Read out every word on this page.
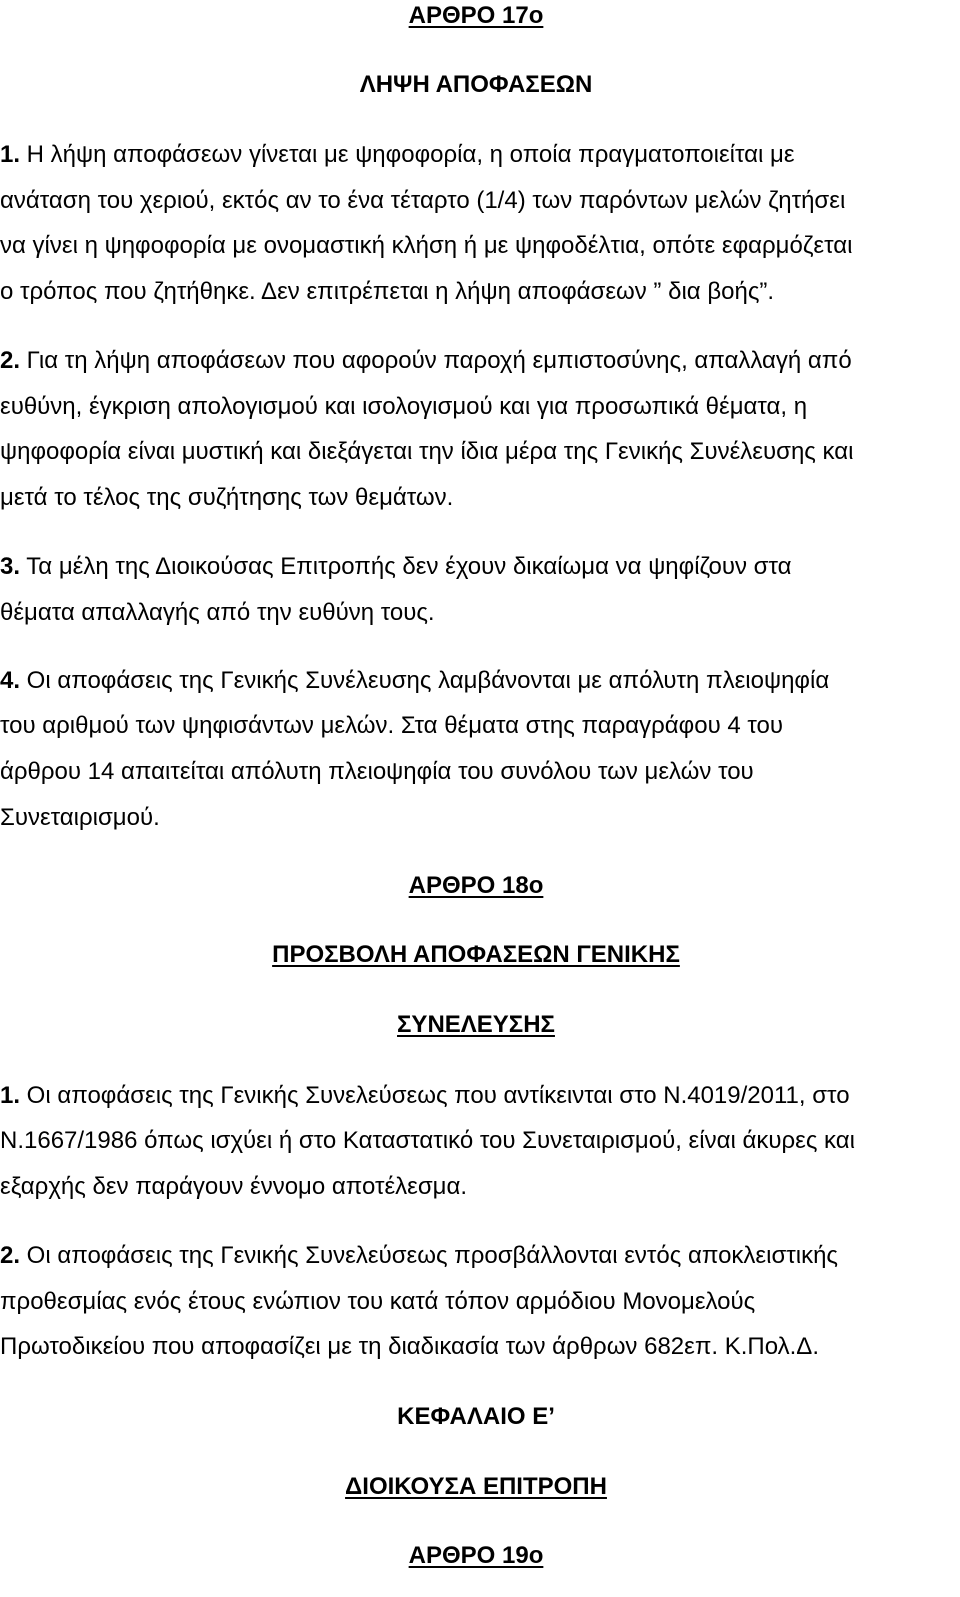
ΑΡΘΡΟ 17ο
ΛΗΨΗ ΑΠΟΦΑΣΕΩΝ
1. Η λήψη αποφάσεων γίνεται με ψηφοφορία, η οποία πραγματοποιείται με
ανάταση του χεριού, εκτός αν το ένα τέταρτο (1/4) των παρόντων μελών ζητήσει
να γίνει η ψηφοφορία με ονομαστική κλήση ή με ψηφοδέλτια, οπότε εφαρμόζεται
ο τρόπος που ζητήθηκε. Δεν επιτρέπεται η λήψη αποφάσεων ” δια βοής”.
2. Για τη λήψη αποφάσεων που αφορούν παροχή εμπιστοσύνης, απαλλαγή από
ευθύνη, έγκριση απολογισμού και ισολογισμού και για προσωπικά θέματα, η
ψηφοφορία είναι μυστική και διεξάγεται την ίδια μέρα της Γενικής Συνέλευσης και
μετά το τέλος της συζήτησης των θεμάτων.
3. Τα μέλη της Διοικούσας Επιτροπής δεν έχουν δικαίωμα να ψηφίζουν στα
θέματα απαλλαγής από την ευθύνη τους.
4. Οι αποφάσεις της Γενικής Συνέλευσης λαμβάνονται με απόλυτη πλειοψηφία
του αριθμού των ψηφισάντων μελών. Στα θέματα στης παραγράφου 4 του
άρθρου 14 απαιτείται απόλυτη πλειοψηφία του συνόλου των μελών του
Συνεταιρισμού.
ΑΡΘΡΟ 18ο
ΠΡΟΣΒΟΛΗ ΑΠΟΦΑΣΕΩΝ ΓΕΝΙΚΗΣ
ΣΥΝΕΛΕΥΣΗΣ
1. Οι αποφάσεις της Γενικής Συνελεύσεως που αντίκεινται στο Ν.4019/2011, στο
Ν.1667/1986 όπως ισχύει ή στο Καταστατικό του Συνεταιρισμού, είναι άκυρες και
εξαρχής δεν παράγουν έννομο αποτέλεσμα.
2. Οι αποφάσεις της Γενικής Συνελεύσεως προσβάλλονται εντός αποκλειστικής
προθεσμίας ενός έτους ενώπιον του κατά τόπον αρμόδιου Μονομελούς
Πρωτοδικείου που αποφασίζει με τη διαδικασία των άρθρων 682επ. Κ.Πολ.Δ.
ΚΕΦΑΛΑΙΟ Ε’
ΔΙΟΙΚΟΥΣΑ ΕΠΙΤΡΟΠΗ
ΑΡΘΡΟ 19ο
